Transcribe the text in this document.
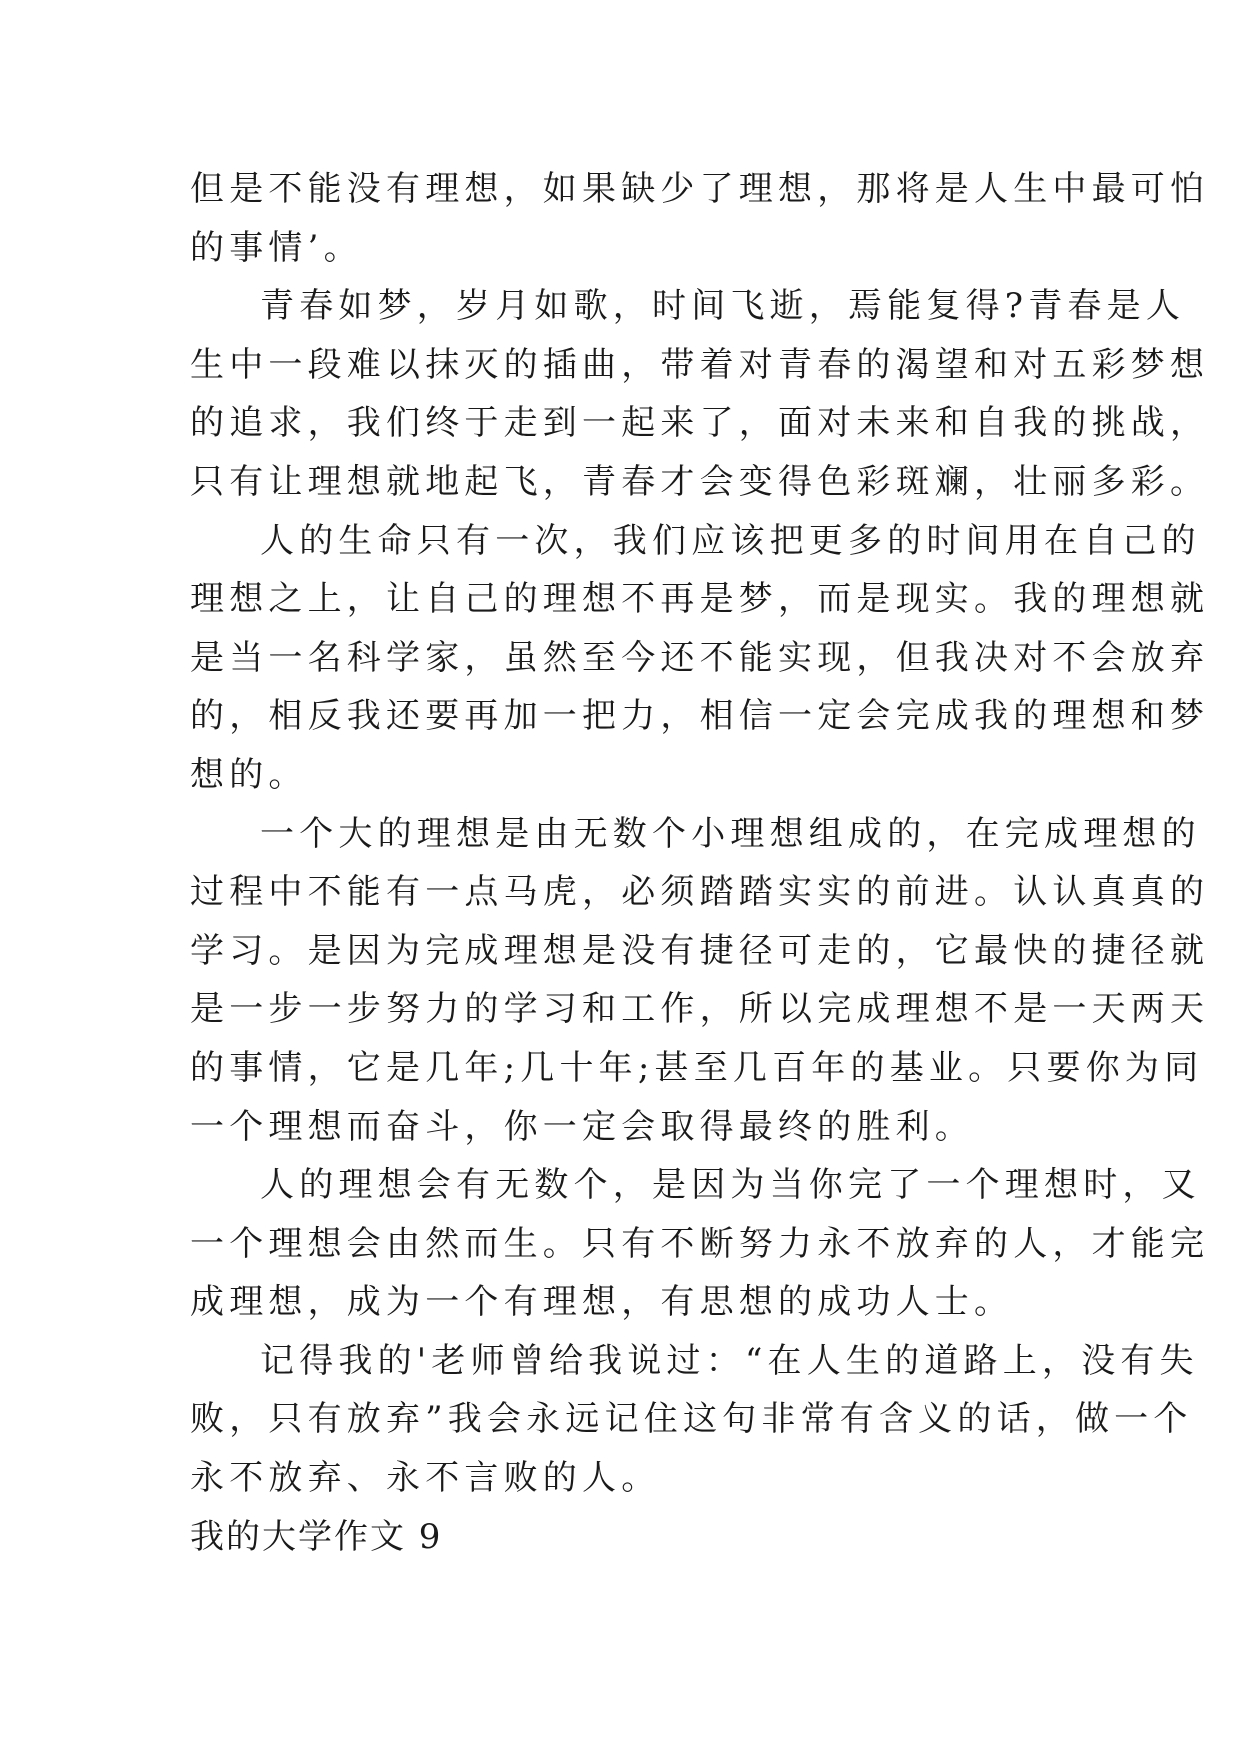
但是不能没有理想，如果缺少了理想，那将是人生中最可怕
的事情’。
青春如梦，岁月如歌，时间飞逝，焉能复得?青春是人
生中一段难以抹灭的插曲，带着对青春的渴望和对五彩梦想
的追求，我们终于走到一起来了，面对未来和自我的挑战，
只有让理想就地起飞，青春才会变得色彩斑斓，壮丽多彩。
人的生命只有一次，我们应该把更多的时间用在自己的
理想之上，让自己的理想不再是梦，而是现实。我的理想就
是当一名科学家，虽然至今还不能实现，但我决对不会放弃
的，相反我还要再加一把力，相信一定会完成我的理想和梦
想的。
一个大的理想是由无数个小理想组成的，在完成理想的
过程中不能有一点马虎，必须踏踏实实的前进。认认真真的
学习。是因为完成理想是没有捷径可走的，它最快的捷径就
是一步一步努力的学习和工作，所以完成理想不是一天两天
的事情，它是几年;几十年;甚至几百年的基业。只要你为同
一个理想而奋斗，你一定会取得最终的胜利。
人的理想会有无数个，是因为当你完了一个理想时，又
一个理想会由然而生。只有不断努力永不放弃的人，才能完
成理想，成为一个有理想，有思想的成功人士。
记得我的'老师曾给我说过：“在人生的道路上，没有失
败，只有放弃”我会永远记住这句非常有含义的话，做一个
永不放弃、永不言败的人。
我的大学作文 9
